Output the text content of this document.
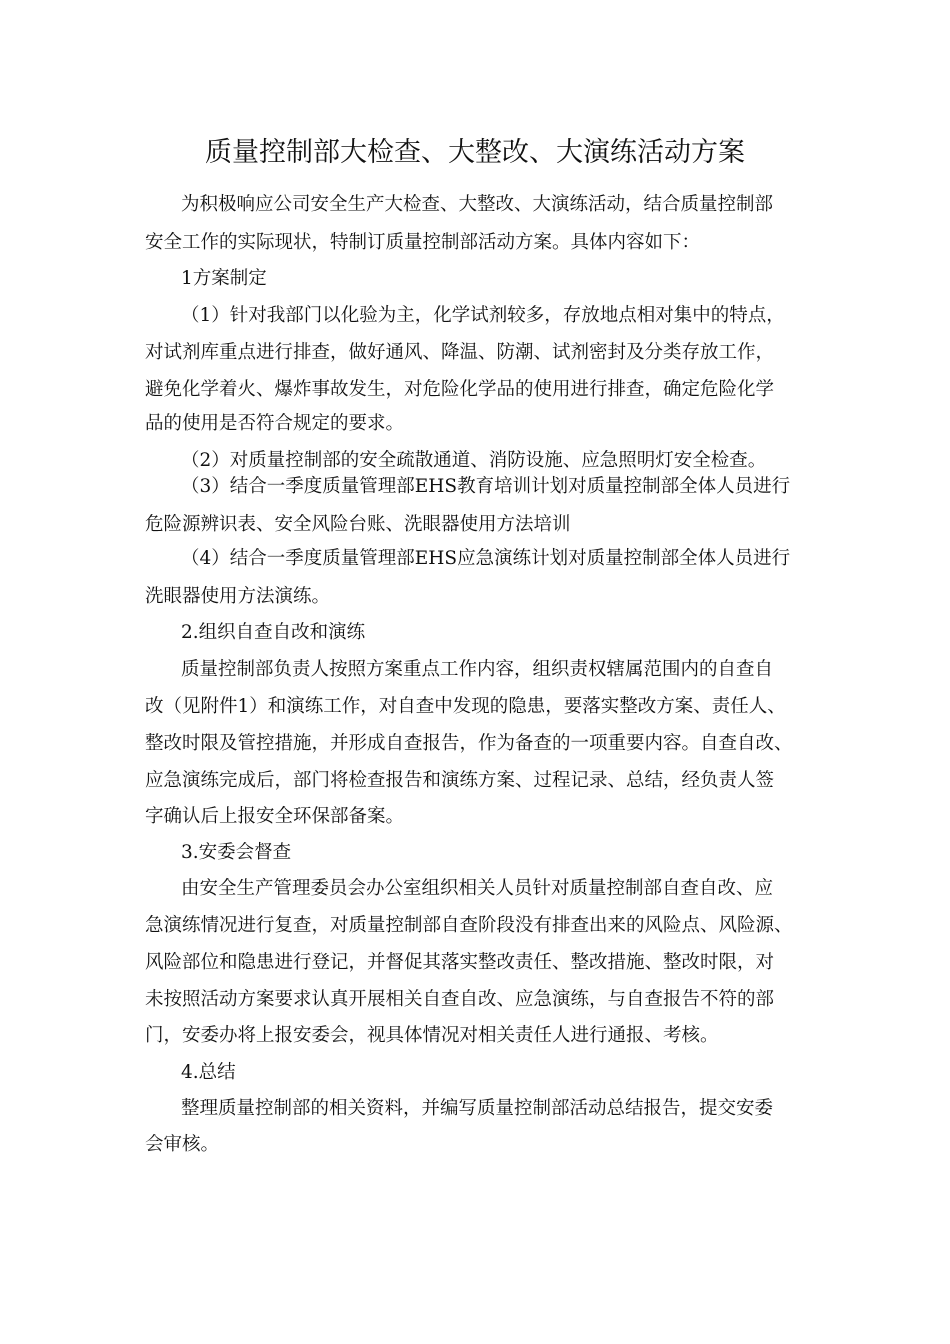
质量控制部大检查、大整改、大演练活动方案
为积极响应公司安全生产大检查、大整改、大演练活动，结合质量控制部
安全工作的实际现状，特制订质量控制部活动方案。具体内容如下：
1方案制定
（1）针对我部门以化验为主，化学试剂较多，存放地点相对集中的特点，
对试剂库重点进行排查，做好通风、降温、防潮、试剂密封及分类存放工作，
避免化学着火、爆炸事故发生，对危险化学品的使用进行排查，确定危险化学
品的使用是否符合规定的要求。
（2）对质量控制部的安全疏散通道、消防设施、应急照明灯安全检查。
（3）结合一季度质量管理部EHS教育培训计划对质量控制部全体人员进行
危险源辨识表、安全风险台账、洗眼器使用方法培训
（4）结合一季度质量管理部EHS应急演练计划对质量控制部全体人员进行
洗眼器使用方法演练。
2.组织自查自改和演练
质量控制部负责人按照方案重点工作内容，组织责权辖属范围内的自查自
改（见附件1）和演练工作，对自查中发现的隐患，要落实整改方案、责任人、
整改时限及管控措施，并形成自查报告，作为备查的一项重要内容。自查自改、
应急演练完成后，部门将检查报告和演练方案、过程记录、总结，经负责人签
字确认后上报安全环保部备案。
3.安委会督查
由安全生产管理委员会办公室组织相关人员针对质量控制部自查自改、应
急演练情况进行复查，对质量控制部自查阶段没有排查出来的风险点、风险源、
风险部位和隐患进行登记，并督促其落实整改责任、整改措施、整改时限，对
未按照活动方案要求认真开展相关自查自改、应急演练，与自查报告不符的部
门，安委办将上报安委会，视具体情况对相关责任人进行通报、考核。
4.总结
整理质量控制部的相关资料，并编写质量控制部活动总结报告，提交安委
会审核。
